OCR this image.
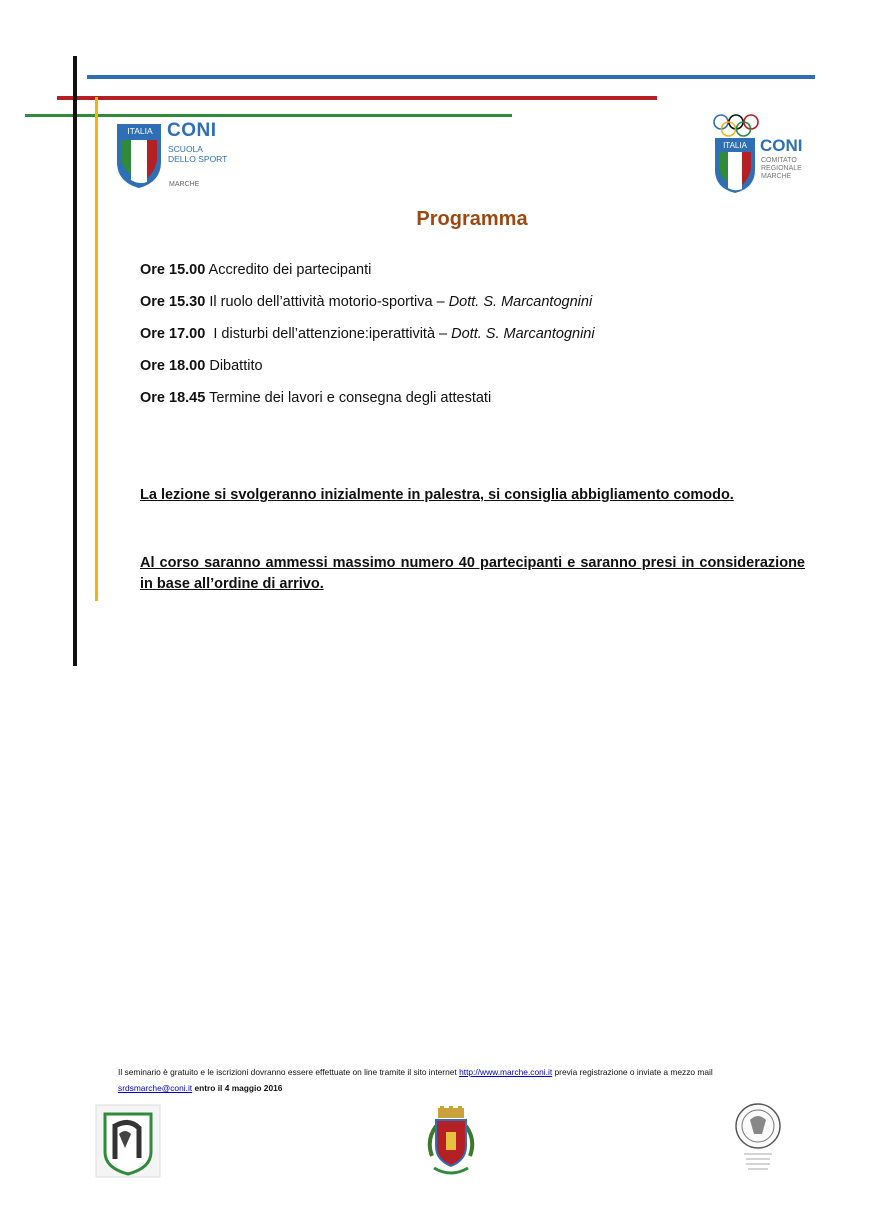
ITALIA CONI
SCUOLA
DELLO SPORT
MARCHE
ITALIA CONI
COMITATO
REGIONALE
MARCHE
Programma
Ore 15.00 Accredito dei partecipanti
Ore 15.30 Il ruolo dell’attività motorio-sportiva – Dott. S. Marcantognini
Ore 17.00  I disturbi dell’attenzione:iperattività – Dott. S. Marcantognini
Ore 18.00 Dibattito
Ore 18.45 Termine dei lavori e consegna degli attestati
La lezione si svolgeranno inizialmente in palestra, si consiglia abbigliamento comodo.
Al corso saranno ammessi massimo numero 40 partecipanti e saranno presi in considerazione in base all’ordine di arrivo.
Il seminario è gratuito e le iscrizioni dovranno essere effettuate on line tramite il sito internet http://www.marche.coni.it previa registrazione o inviate a mezzo mail
srdsmarche@coni.it entro il 4 maggio 2016
